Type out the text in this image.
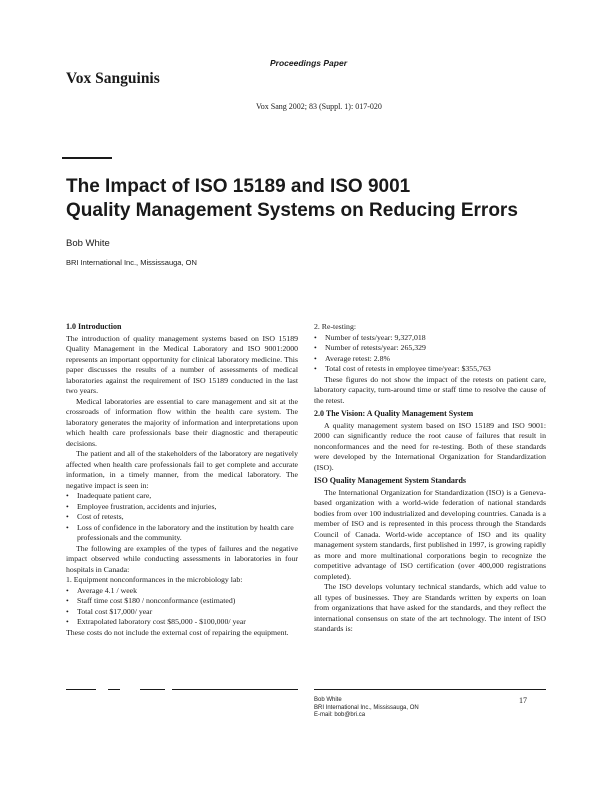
Vox Sanguinis
Proceedings Paper
Vox Sang 2002; 83 (Suppl. 1): 017-020
The Impact of ISO 15189 and ISO 9001
Quality Management Systems on Reducing Errors
Bob White
BRI International Inc., Mississauga, ON
1.0 Introduction

The introduction of quality management systems based on ISO 15189 Quality Management in the Medical Laboratory and ISO 9001:2000 represents an important opportunity for clinical laboratory medicine. This paper discusses the results of a number of assessments of medical laboratories against the requirement of ISO 15189 conducted in the last two years.

Medical laboratories are essential to care management and sit at the crossroads of information flow within the health care system. The laboratory generates the majority of information and interpretations upon which health care professionals base their diagnostic and therapeutic decisions.

The patient and all of the stakeholders of the laboratory are negatively affected when health care professionals fail to get complete and accurate information, in a timely manner, from the medical laboratory. The negative impact is seen in:

• Inadequate patient care,
• Employee frustration, accidents and injuries,
• Cost of retests,
• Loss of confidence in the laboratory and the institution by health care professionals and the community.

The following are examples of the types of failures and the negative impact observed while conducting assessments in laboratories in four hospitals in Canada:

1. Equipment nonconformances in the microbiology lab:
• Average 4.1 / week
• Staff time cost $180 / nonconformance (estimated)
• Total cost $17,000/ year
• Extrapolated laboratory cost $85,000 - $100,000/ year

These costs do not include the external cost of repairing the equipment.

2. Re-testing:
• Number of tests/year: 9,327,018
• Number of retests/year: 265,329
• Average retest: 2.8%
• Total cost of retests in employee time/year: $355,763

These figures do not show the impact of the retests on patient care, laboratory capacity, turn-around time or staff time to resolve the cause of the retest.

2.0 The Vision: A Quality Management System

A quality management system based on ISO 15189 and ISO 9001: 2000 can significantly reduce the root cause of failures that result in nonconformances and the need for re-testing. Both of these standards were developed by the International Organization for Standardization (ISO).

ISO Quality Management System Standards

The International Organization for Standardization (ISO) is a Geneva-based organization with a world-wide federation of national standards bodies from over 100 industrialized and developing countries. Canada is a member of ISO and is represented in this process through the Standards Council of Canada. World-wide acceptance of ISO and its quality management system standards, first published in 1997, is growing rapidly as more and more multinational corporations begin to recognize the competitive advantage of ISO certification (over 400,000 registrations completed).

The ISO develops voluntary technical standards, which add value to all types of businesses. They are Standards written by experts on loan from organizations that have asked for the standards, and they reflect the international consensus on state of the art technology. The intent of ISO standards is:

Bob White
BRI International Inc., Mississauga, ON
E-mail: bob@bri.ca
17
